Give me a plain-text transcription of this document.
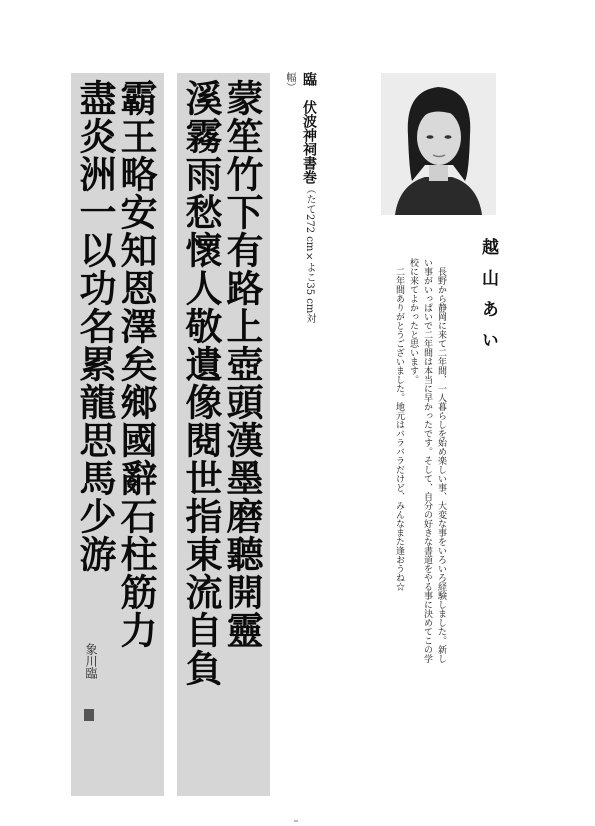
蒙笙竹下有路上壺頭漢墨磨聽開靈
溪霧雨愁懷人敬遺像閱世指東流自負
霸王略安知恩澤矣鄉國辭石柱筋力
盡炎洲一以功名累龍思馬少游
象川臨
臨　伏波神祠書巻（たて272 cm×よこ35 cm対幅）
越山あい

　長野から静岡に来て二年間、一人暮らしを始め楽しい事、大変な事をいろいろ経験しました。新しい事がいっぱいで二年間は本当に早かったです。そして、自分の好きな書道をやる事に決めてこの学校に来てよかったと思います。

　二年間ありがとうございました。地元はバラバラだけど、みんなまた逢おうね☆
